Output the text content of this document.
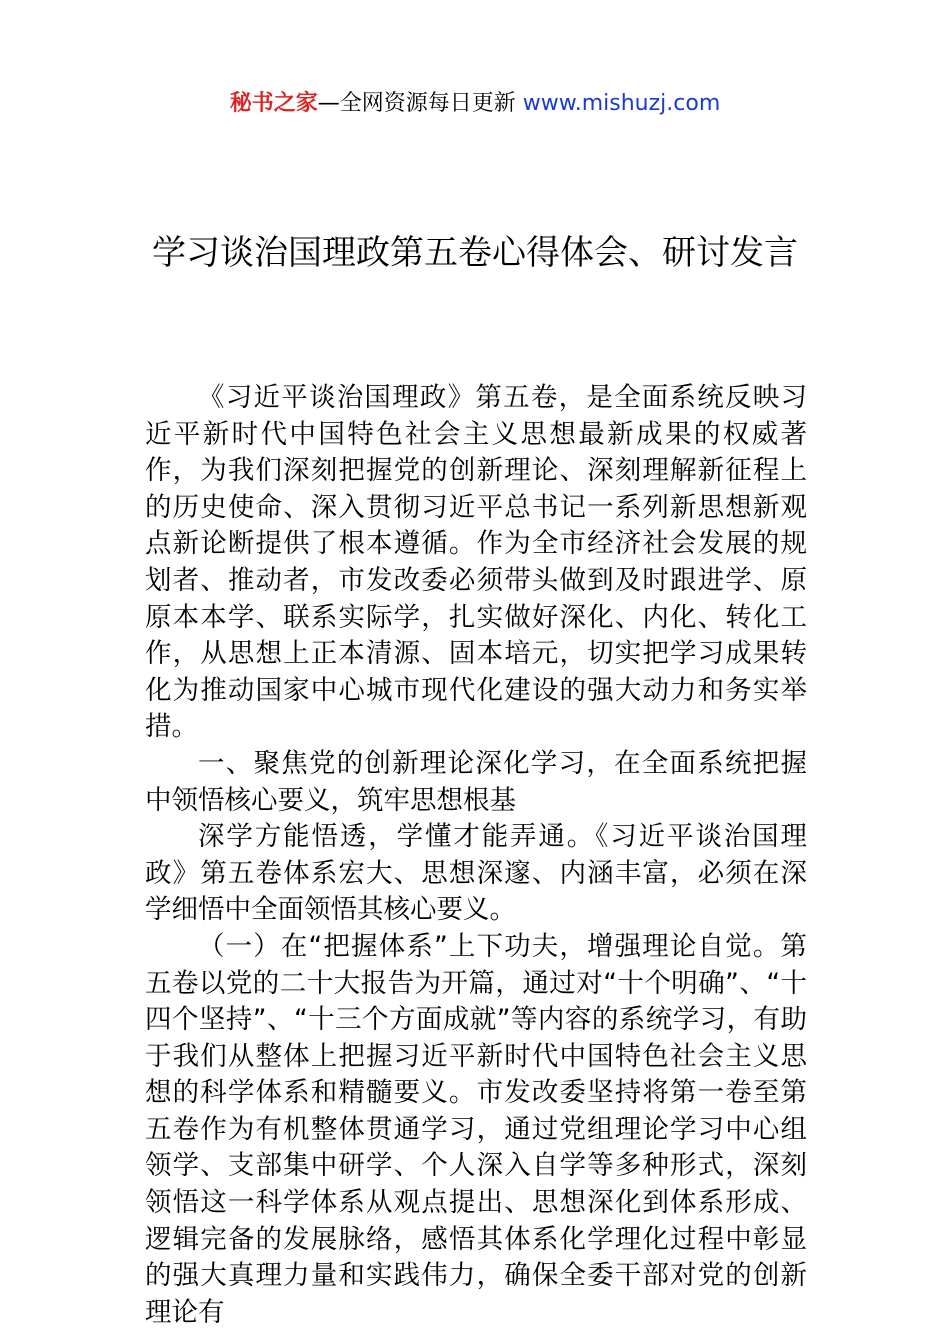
秘书之家—全网资源每日更新 www.mishuzj.com
学习谈治国理政第五卷心得体会、研讨发言

《习近平谈治国理政》第五卷，是全面系统反映习近平新时代中国特色社会主义思想最新成果的权威著作，为我们深刻把握党的创新理论、深刻理解新征程上的历史使命、深入贯彻习近平总书记一系列新思想新观点新论断提供了根本遵循。作为全市经济社会发展的规划者、推动者，市发改委必须带头做到及时跟进学、原原本本学、联系实际学，扎实做好深化、内化、转化工作，从思想上正本清源、固本培元，切实把学习成果转化为推动国家中心城市现代化建设的强大动力和务实举措。

一、聚焦党的创新理论深化学习，在全面系统把握中领悟核心要义，筑牢思想根基

深学方能悟透，学懂才能弄通。《习近平谈治国理政》第五卷体系宏大、思想深邃、内涵丰富，必须在深学细悟中全面领悟其核心要义。

（一）在“把握体系”上下功夫，增强理论自觉。第五卷以党的二十大报告为开篇，通过对“十个明确”、“十四个坚持”、“十三个方面成就”等内容的系统学习，有助于我们从整体上把握习近平新时代中国特色社会主义思想的科学体系和精髓要义。市发改委坚持将第一卷至第五卷作为有机整体贯通学习，通过党组理论学习中心组领学、支部集中研学、个人深入自学等多种形式，深刻领悟这一科学体系从观点提出、思想深化到体系形成、逻辑完备的发展脉络，感悟其体系化学理化过程中彰显的强大真理力量和实践伟力，确保全委干部对党的创新理论有
